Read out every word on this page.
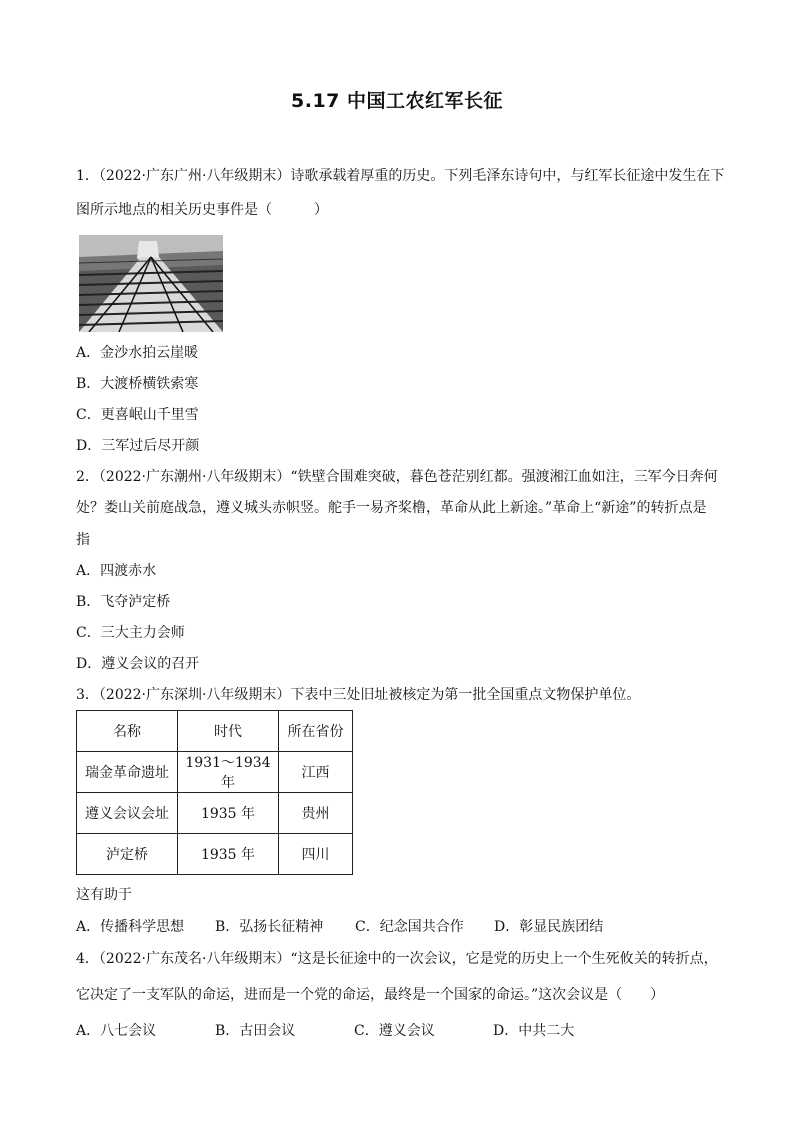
5.17 中国工农红军长征
1．（2022·广东广州·八年级期末）诗歌承载着厚重的历史。下列毛泽东诗句中，与红军长征途中发生在下
图所示地点的相关历史事件是（　　　）
A．金沙水拍云崖暖
B．大渡桥横铁索寒
C．更喜岷山千里雪
D．三军过后尽开颜
2．（2022·广东潮州·八年级期末）“铁壁合围难突破，暮色苍茫别红都。强渡湘江血如注，三军今日奔何
处？娄山关前庭战急，遵义城头赤帜竖。舵手一易齐桨橹，革命从此上新途。”革命上“新途”的转折点是
指
A．四渡赤水
B．飞夺泸定桥
C．三大主力会师
D．遵义会议的召开
3．（2022·广东深圳·八年级期末）下表中三处旧址被核定为第一批全国重点文物保护单位。
名称	时代	所在省份
瑞金革命遗址	1931～1934 年	江西
遵义会议会址	1935 年	贵州
泸定桥	1935 年	四川
这有助于
A．传播科学思想	B．弘扬长征精神	C．纪念国共合作	D．彰显民族团结
4．（2022·广东茂名·八年级期末）“这是长征途中的一次会议，它是党的历史上一个生死攸关的转折点，
它决定了一支军队的命运，进而是一个党的命运，最终是一个国家的命运。”这次会议是（　　）
A．八七会议	B．古田会议	C．遵义会议	D．中共二大
